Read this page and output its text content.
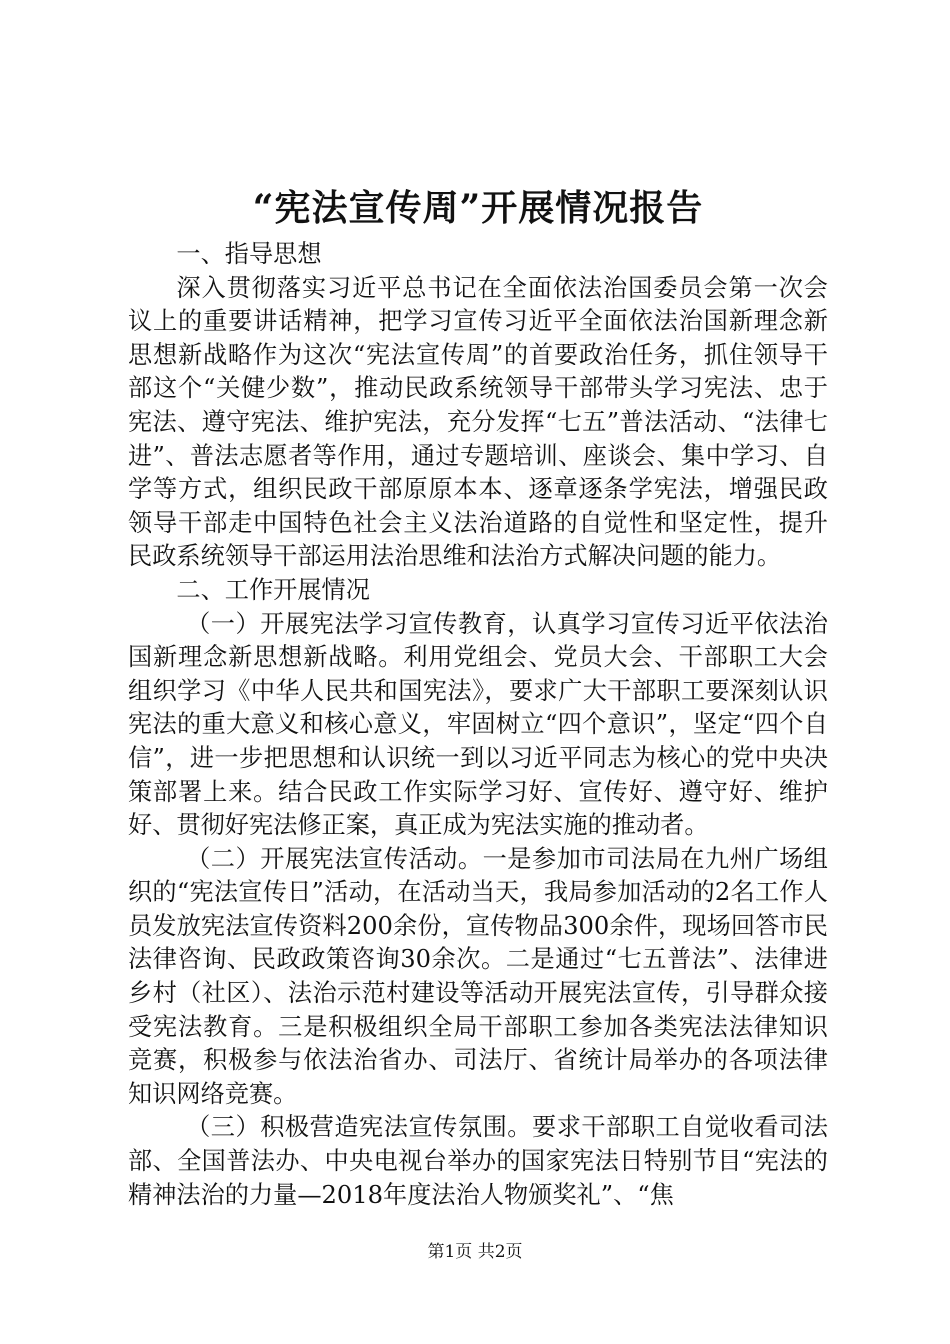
“宪法宣传周”开展情况报告

一、指导思想

深入贯彻落实习近平总书记在全面依法治国委员会第一次会议上的重要讲话精神，把学习宣传习近平全面依法治国新理念新思想新战略作为这次“宪法宣传周”的首要政治任务，抓住领导干部这个“关健少数”，推动民政系统领导干部带头学习宪法、忠于宪法、遵守宪法、维护宪法，充分发挥“七五”普法活动、“法律七进”、普法志愿者等作用，通过专题培训、座谈会、集中学习、自学等方式，组织民政干部原原本本、逐章逐条学宪法，增强民政领导干部走中国特色社会主义法治道路的自觉性和坚定性，提升民政系统领导干部运用法治思维和法治方式解决问题的能力。

二、工作开展情况

（一）开展宪法学习宣传教育，认真学习宣传习近平依法治国新理念新思想新战略。利用党组会、党员大会、干部职工大会组织学习《中华人民共和国宪法》，要求广大干部职工要深刻认识宪法的重大意义和核心意义，牢固树立“四个意识”，坚定“四个自信”，进一步把思想和认识统一到以习近平同志为核心的党中央决策部署上来。结合民政工作实际学习好、宣传好、遵守好、维护好、贯彻好宪法修正案，真正成为宪法实施的推动者。

（二）开展宪法宣传活动。一是参加市司法局在九州广场组织的“宪法宣传日”活动，在活动当天，我局参加活动的2名工作人员发放宪法宣传资料200余份，宣传物品300余件，现场回答市民法律咨询、民政政策咨询30余次。二是通过“七五普法”、法律进乡村（社区）、法治示范村建设等活动开展宪法宣传，引导群众接受宪法教育。三是积极组织全局干部职工参加各类宪法法律知识竞赛，积极参与依法治省办、司法厅、省统计局举办的各项法律知识网络竞赛。

（三）积极营造宪法宣传氛围。要求干部职工自觉收看司法部、全国普法办、中央电视台举办的国家宪法日特别节目“宪法的精神法治的力量—2018年度法治人物颁奖礼”、“焦

第1页 共2页
